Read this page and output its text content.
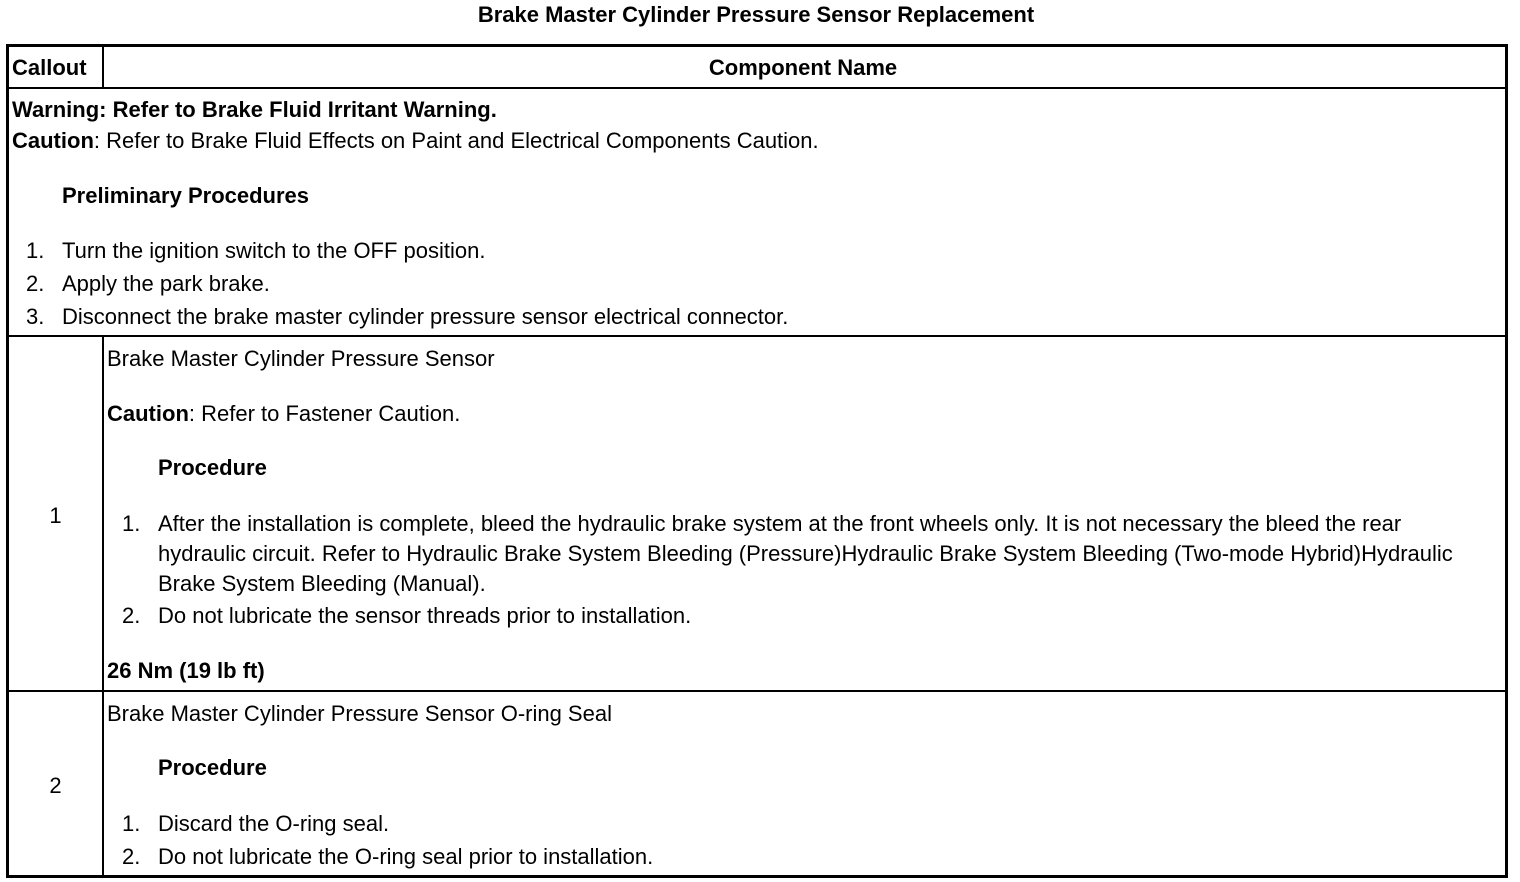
Brake Master Cylinder Pressure Sensor Replacement
Callout	Component Name
Warning: Refer to Brake Fluid Irritant Warning.
Caution: Refer to Brake Fluid Effects on Paint and Electrical Components Caution.
Preliminary Procedures
1. Turn the ignition switch to the OFF position.
2. Apply the park brake.
3. Disconnect the brake master cylinder pressure sensor electrical connector.
1
Brake Master Cylinder Pressure Sensor
Caution: Refer to Fastener Caution.
Procedure
1. After the installation is complete, bleed the hydraulic brake system at the front wheels only. It is not necessary the bleed the rear hydraulic circuit. Refer to Hydraulic Brake System Bleeding (Pressure)Hydraulic Brake System Bleeding (Two-mode Hybrid)Hydraulic Brake System Bleeding (Manual).
2. Do not lubricate the sensor threads prior to installation.
26 Nm (19 lb ft)
2
Brake Master Cylinder Pressure Sensor O-ring Seal
Procedure
1. Discard the O-ring seal.
2. Do not lubricate the O-ring seal prior to installation.
